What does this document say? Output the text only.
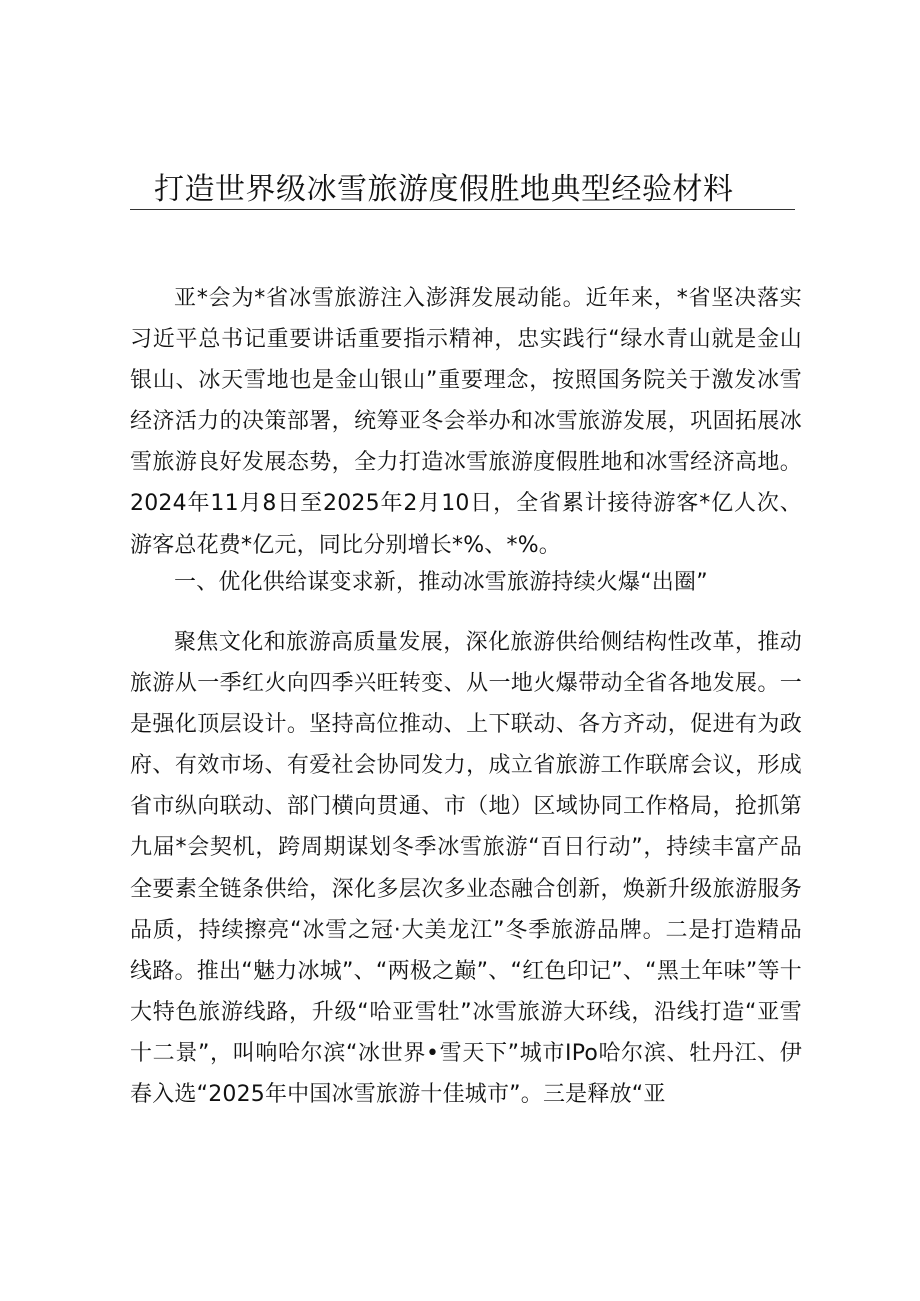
打造世界级冰雪旅游度假胜地典型经验材料

亚*会为*省冰雪旅游注入澎湃发展动能。近年来，*省坚决落实习近平总书记重要讲话重要指示精神，忠实践行“绿水青山就是金山银山、冰天雪地也是金山银山”重要理念，按照国务院关于激发冰雪经济活力的决策部署，统筹亚冬会举办和冰雪旅游发展，巩固拓展冰雪旅游良好发展态势，全力打造冰雪旅游度假胜地和冰雪经济高地。2024年11月8日至2025年2月10日，全省累计接待游客*亿人次、游客总花费*亿元，同比分别增长*%、*%。

一、优化供给谋变求新，推动冰雪旅游持续火爆“出圈”

聚焦文化和旅游高质量发展，深化旅游供给侧结构性改革，推动旅游从一季红火向四季兴旺转变、从一地火爆带动全省各地发展。一是强化顶层设计。坚持高位推动、上下联动、各方齐动，促进有为政府、有效市场、有爱社会协同发力，成立省旅游工作联席会议，形成省市纵向联动、部门横向贯通、市（地）区域协同工作格局，抢抓第九届*会契机，跨周期谋划冬季冰雪旅游“百日行动”，持续丰富产品全要素全链条供给，深化多层次多业态融合创新，焕新升级旅游服务品质，持续擦亮“冰雪之冠·大美龙江”冬季旅游品牌。二是打造精品线路。推出“魅力冰城”、“两极之巅”、“红色印记”、“黑土年味”等十大特色旅游线路，升级“哈亚雪牡”冰雪旅游大环线，沿线打造“亚雪十二景”，叫响哈尔滨“冰世界•雪天下”城市IPo哈尔滨、牡丹江、伊春入选“2025年中国冰雪旅游十佳城市”。三是释放“亚
